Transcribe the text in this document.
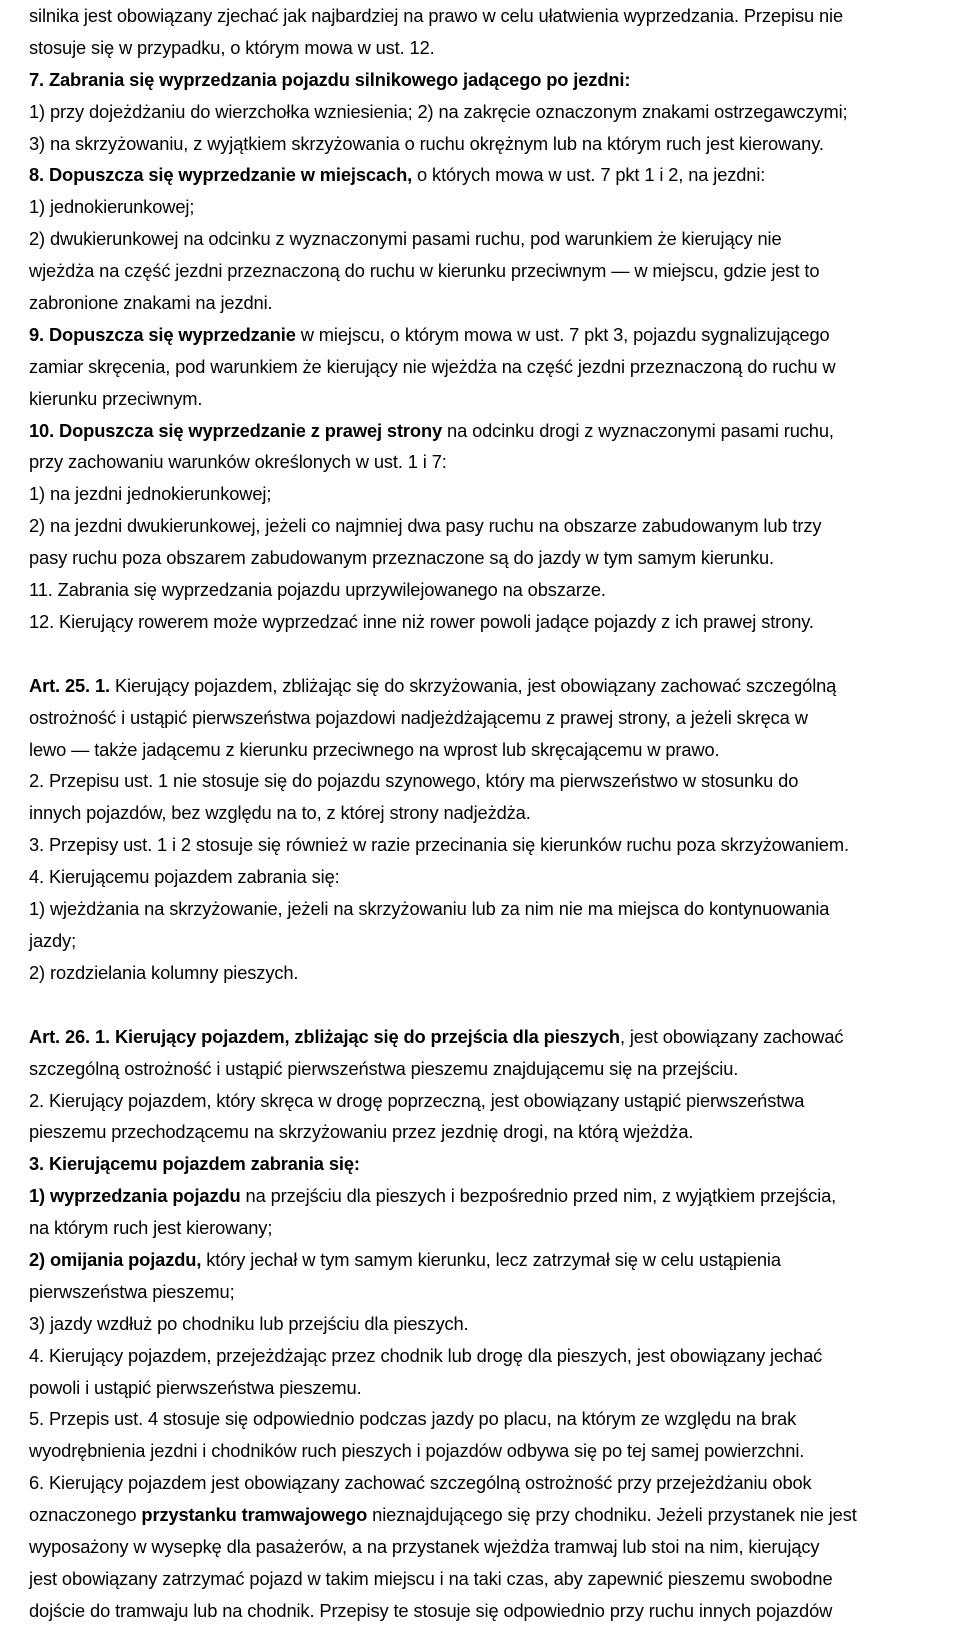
silnika jest obowiązany zjechać jak najbardziej na prawo w celu ułatwienia wyprzedzania. Przepisu nie
stosuje się w przypadku, o którym mowa w ust. 12.
7. Zabrania się wyprzedzania pojazdu silnikowego jadącego po jezdni:
1) przy dojeżdżaniu do wierzchołka wzniesienia; 2) na zakręcie oznaczonym znakami ostrzegawczymi;
3) na skrzyżowaniu, z wyjątkiem skrzyżowania o ruchu okrężnym lub na którym ruch jest kierowany.
8. Dopuszcza się wyprzedzanie w miejscach, o których mowa w ust. 7 pkt 1 i 2, na jezdni:
1) jednokierunkowej;
2) dwukierunkowej na odcinku z wyznaczonymi pasami ruchu, pod warunkiem że kierujący nie
wjeżdża na część jezdni przeznaczoną do ruchu w kierunku przeciwnym — w miejscu, gdzie jest to
zabronione znakami na jezdni.
9. Dopuszcza się wyprzedzanie w miejscu, o którym mowa w ust. 7 pkt 3, pojazdu sygnalizującego
zamiar skręcenia, pod warunkiem że kierujący nie wjeżdża na część jezdni przeznaczoną do ruchu w
kierunku przeciwnym.
10. Dopuszcza się wyprzedzanie z prawej strony na odcinku drogi z wyznaczonymi pasami ruchu,
przy zachowaniu warunków określonych w ust. 1 i 7:
1) na jezdni jednokierunkowej;
2) na jezdni dwukierunkowej, jeżeli co najmniej dwa pasy ruchu na obszarze zabudowanym lub trzy
pasy ruchu poza obszarem zabudowanym przeznaczone są do jazdy w tym samym kierunku.
11. Zabrania się wyprzedzania pojazdu uprzywilejowanego na obszarze.
12. Kierujący rowerem może wyprzedzać inne niż rower powoli jadące pojazdy z ich prawej strony.
Art. 25. 1. Kierujący pojazdem, zbliżając się do skrzyżowania, jest obowiązany zachować szczególną
ostrożność i ustąpić pierwszeństwa pojazdowi nadjeżdżającemu z prawej strony, a jeżeli skręca w
lewo — także jadącemu z kierunku przeciwnego na wprost lub skręcającemu w prawo.
2. Przepisu ust. 1 nie stosuje się do pojazdu szynowego, który ma pierwszeństwo w stosunku do
innych pojazdów, bez względu na to, z której strony nadjeżdża.
3. Przepisy ust. 1 i 2 stosuje się również w razie przecinania się kierunków ruchu poza skrzyżowaniem.
4. Kierującemu pojazdem zabrania się:
1) wjeżdżania na skrzyżowanie, jeżeli na skrzyżowaniu lub za nim nie ma miejsca do kontynuowania
jazdy;
2) rozdzielania kolumny pieszych.
Art. 26. 1. Kierujący pojazdem, zbliżając się do przejścia dla pieszych, jest obowiązany zachować
szczególną ostrożność i ustąpić pierwszeństwa pieszemu znajdującemu się na przejściu.
2. Kierujący pojazdem, który skręca w drogę poprzeczną, jest obowiązany ustąpić pierwszeństwa
pieszemu przechodzącemu na skrzyżowaniu przez jezdnię drogi, na którą wjeżdża.
3. Kierującemu pojazdem zabrania się:
1) wyprzedzania pojazdu na przejściu dla pieszych i bezpośrednio przed nim, z wyjątkiem przejścia,
na którym ruch jest kierowany;
2) omijania pojazdu, który jechał w tym samym kierunku, lecz zatrzymał się w celu ustąpienia
pierwszeństwa pieszemu;
3) jazdy wzdłuż po chodniku lub przejściu dla pieszych.
4. Kierujący pojazdem, przejeżdżając przez chodnik lub drogę dla pieszych, jest obowiązany jechać
powoli i ustąpić pierwszeństwa pieszemu.
5. Przepis ust. 4 stosuje się odpowiednio podczas jazdy po placu, na którym ze względu na brak
wyodrębnienia jezdni i chodników ruch pieszych i pojazdów odbywa się po tej samej powierzchni.
6. Kierujący pojazdem jest obowiązany zachować szczególną ostrożność przy przejeżdżaniu obok
oznaczonego przystanku tramwajowego nieznajdującego się przy chodniku. Jeżeli przystanek nie jest
wyposażony w wysepkę dla pasażerów, a na przystanek wjeżdża tramwaj lub stoi na nim, kierujący
jest obowiązany zatrzymać pojazd w takim miejscu i na taki czas, aby zapewnić pieszemu swobodne
dojście do tramwaju lub na chodnik. Przepisy te stosuje się odpowiednio przy ruchu innych pojazdów
